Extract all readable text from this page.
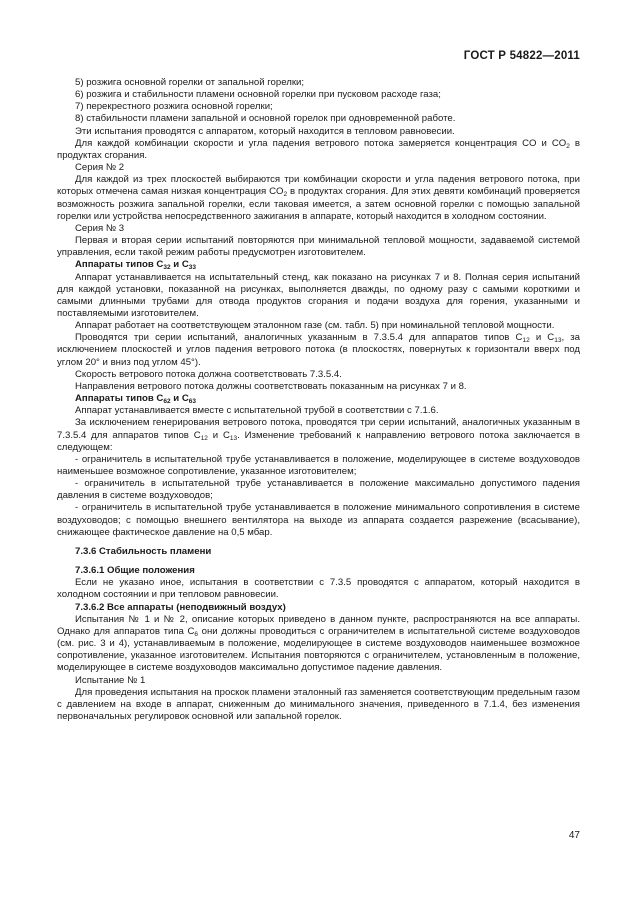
ГОСТ Р 54822—2011

5) розжига основной горелки от запальной горелки;

6) розжига и стабильности пламени основной горелки при пусковом расходе газа;

7) перекрестного розжига основной горелки;

8) стабильности пламени запальной и основной горелок при одновременной работе.

Эти испытания проводятся с аппаратом, который находится в тепловом равновесии.

Для каждой комбинации скорости и угла падения ветрового потока замеряется концентрация CO и $CO_2$ в продуктах сгорания.

Серия № 2

Для каждой из трех плоскостей выбираются три комбинации скорости и угла падения ветрового потока, при которых отмечена самая низкая концентрация $CO_2$ в продуктах сгорания. Для этих девяти комбинаций проверяется возможность розжига запальной горелки, если таковая имеется, а затем основной горелки с помощью запальной горелки или устройства непосредственного зажигания в аппарате, который находится в холодном состоянии.

Серия № 3

Первая и вторая серии испытаний повторяются при минимальной тепловой мощности, задаваемой системой управления, если такой режим работы предусмотрен изготовителем.

Аппараты типов $C_{32}$ и $C_{33}$

Аппарат устанавливается на испытательный стенд, как показано на рисунках 7 и 8. Полная серия испытаний для каждой установки, показанной на рисунках, выполняется дважды, по одному разу с самыми короткими и самыми длинными трубами для отвода продуктов сгорания и подачи воздуха для горения, указанными и поставляемыми изготовителем.

Аппарат работает на соответствующем эталонном газе (см. табл. 5) при номинальной тепловой мощности.

Проводятся три серии испытаний, аналогичных указанным в 7.3.5.4 для аппаратов типов $C_{12}$ и $C_{13}$, за исключением плоскостей и углов падения ветрового потока (в плоскостях, повернутых к горизонтали вверх под углом 20° и вниз под углом 45°).

Скорость ветрового потока должна соответствовать 7.3.5.4.

Направления ветрового потока должны соответствовать показанным на рисунках 7 и 8.

Аппараты типов $C_{62}$ и $C_{63}$

Аппарат устанавливается вместе с испытательной трубой в соответствии с 7.1.6.

За исключением генерирования ветрового потока, проводятся три серии испытаний, аналогичных указанным в 7.3.5.4 для аппаратов типов $C_{12}$ и $C_{13}$. Изменение требований к направлению ветрового потока заключается в следующем:

- ограничитель в испытательной трубе устанавливается в положение, моделирующее в системе воздуховодов наименьшее возможное сопротивление, указанное изготовителем;

- ограничитель в испытательной трубе устанавливается в положение максимально допустимого падения давления в системе воздуховодов;

- ограничитель в испытательной трубе устанавливается в положение минимального сопротивления в системе воздуховодов; с помощью внешнего вентилятора на выходе из аппарата создается разрежение (всасывание), снижающее фактическое давление на 0,5 мбар.

7.3.6 Стабильность пламени

7.3.6.1 Общие положения

Если не указано иное, испытания в соответствии с 7.3.5 проводятся с аппаратом, который находится в холодном состоянии и при тепловом равновесии.

7.3.6.2 Все аппараты (неподвижный воздух)

Испытания № 1 и № 2, описание которых приведено в данном пункте, распространяются на все аппараты. Однако для аппаратов типа $C_6$ они должны проводиться с ограничителем в испытательной системе воздуховодов (см. рис. 3 и 4), устанавливаемым в положение, моделирующее в системе воздуховодов наименьшее возможное сопротивление, указанное изготовителем. Испытания повторяются с ограничителем, установленным в положение, моделирующее в системе воздуховодов максимально допустимое падение давления.

Испытание № 1

Для проведения испытания на проскок пламени эталонный газ заменяется соответствующим предельным газом с давлением на входе в аппарат, сниженным до минимального значения, приведенного в 7.1.4, без изменения первоначальных регулировок основной или запальной горелок.

47
